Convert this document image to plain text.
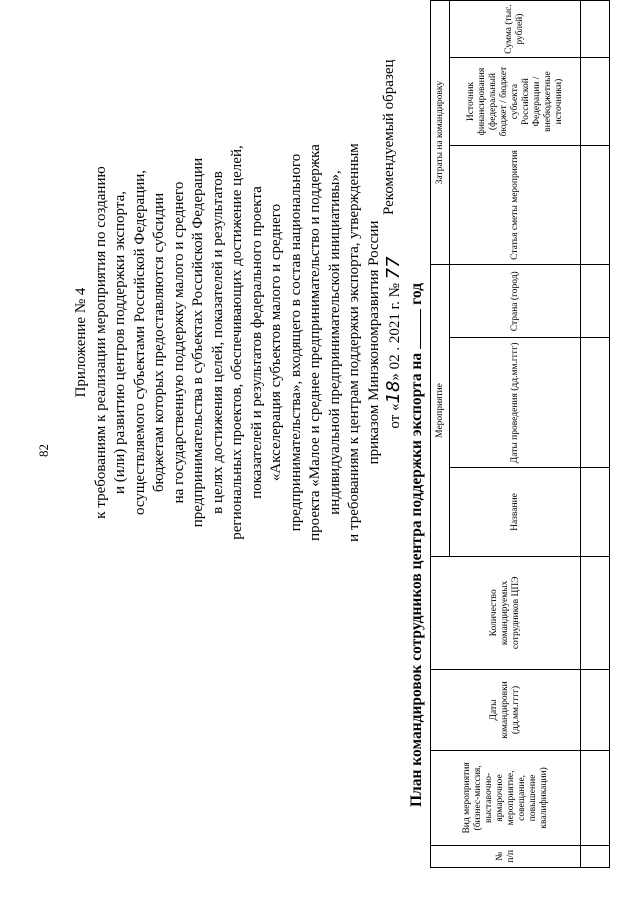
82
Приложение № 4 к требованиям к реализации мероприятия по созданию и (или) развитию центров поддержки экспорта, осуществляемого субъектами Российской Федерации, бюджетам которых предоставляются субсидии на государственную поддержку малого и среднего предпринимательства в субъектах Российской Федерации в целях достижения целей, показателей и результатов региональных проектов, обеспечивающих достижение целей, показателей и результатов федерального проекта «Акселерация субъектов малого и среднего предпринимательства», входящего в состав национального проекта «Малое и среднее предпринимательство и поддержка индивидуальной предпринимательской инициативы», и требованиям к центрам поддержки экспорта, утвержденным приказом Минэкономразвития России от «18» 02 . 2021 г. № 77
Рекомендуемый образец
План командировок сотрудников центра поддержки экспорта нагод
№ п/п	Вид мероприятия (бизнес-миссия, выставочно-ярмарочное мероприятие, совещание, повышение квалификации)	Даты командировки (дд.мм.гггг)	Количество командируемых сотрудников ЦПЭ	Мероприятие			Затраты на командировку		
				Название	Даты проведения (дд.мм.гггг)	Страна (город)	Статья сметы мероприятия	Источник финансирования (федеральный бюджет / бюджет субъекта Российской Федерации / внебюджетные источники)	Сумма (тыс. рублей)
